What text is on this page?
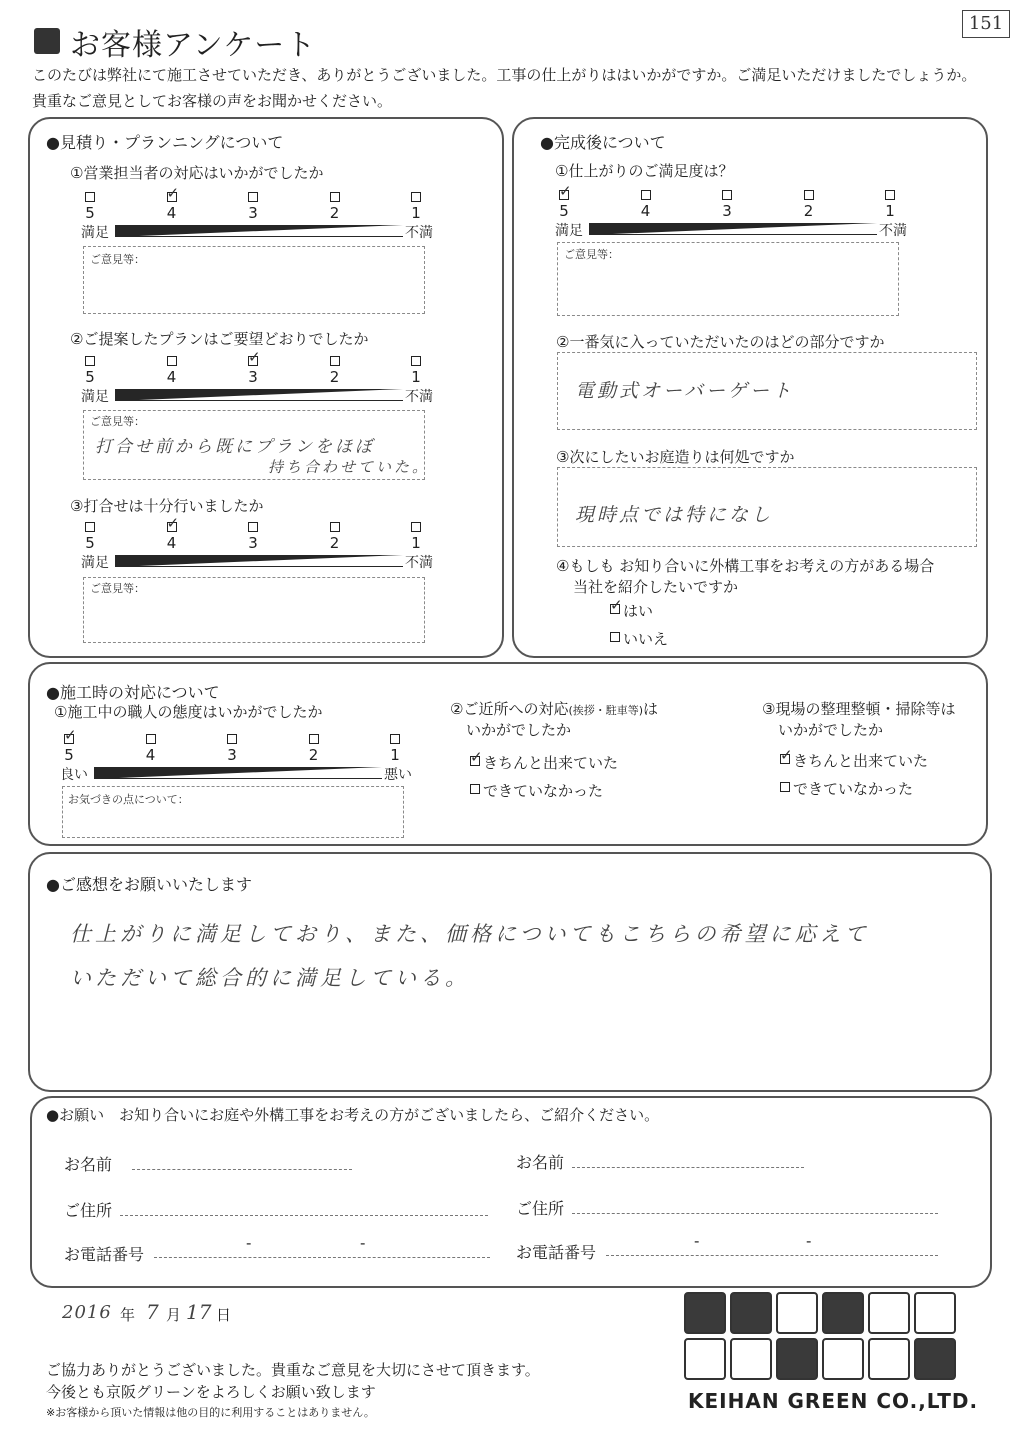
151
お客様アンケート
このたびは弊社にて施工させていただき、ありがとうございました。工事の仕上がりははいかがですか。ご満足いただけましたでしょうか。
貴重なご意見としてお客様の声をお聞かせください。
●見積り・プランニングについて
①営業担当者の対応はいかがでしたか
ご意見等：
②ご提案したプランはご要望どおりでしたか
ご意見等：
打合せ前から既にプランをほぼ
持ち合わせていた。
③打合せは十分行いましたか
ご意見等：
●完成後について
①仕上がりのご満足度は？
ご意見等：
②一番気に入っていただいたのはどの部分ですか
電動式オーバーゲート
③次にしたいお庭造りは何処ですか
現時点では特になし
④もしも お知り合いに外構工事をお考えの方がある場合
当社を紹介したいですか
✓
はい
いいえ
●施工時の対応について
①施工中の職人の態度はいかがでしたか
お気づきの点について：
②ご近所への対応(挨拶・駐車等)は
いかがでしたか
✓
きちんと出来ていた
できていなかった
③現場の整理整頓・掃除等は
いかがでしたか
✓
きちんと出来ていた
できていなかった
●ご感想をお願いいたします
仕上がりに満足しており、また、価格についてもこちらの希望に応えて
いただいて総合的に満足している。
●お願い　お知り合いにお庭や外構工事をお考えの方がございましたら、ご紹介ください。
お名前
ご住所
お電話番号
-	-
お名前
ご住所
お電話番号
-	-
2016 年 7 月 17 日
ご協力ありがとうございました。貴重なご意見を大切にさせて頂きます。
今後とも京阪グリーンをよろしくお願い致します
※お客様から頂いた情報は他の目的に利用することはありません。	KEIHAN GREEN CO.,LTD.
5
✓	4	3	2	1
満足	不満
5	4
✓	3	2	1
満足	不満
5
✓	4	3	2	1
満足	不満
✓
5	4	3	2	1
満足	不満
✓
5	4	3	2	1
良い	悪い
